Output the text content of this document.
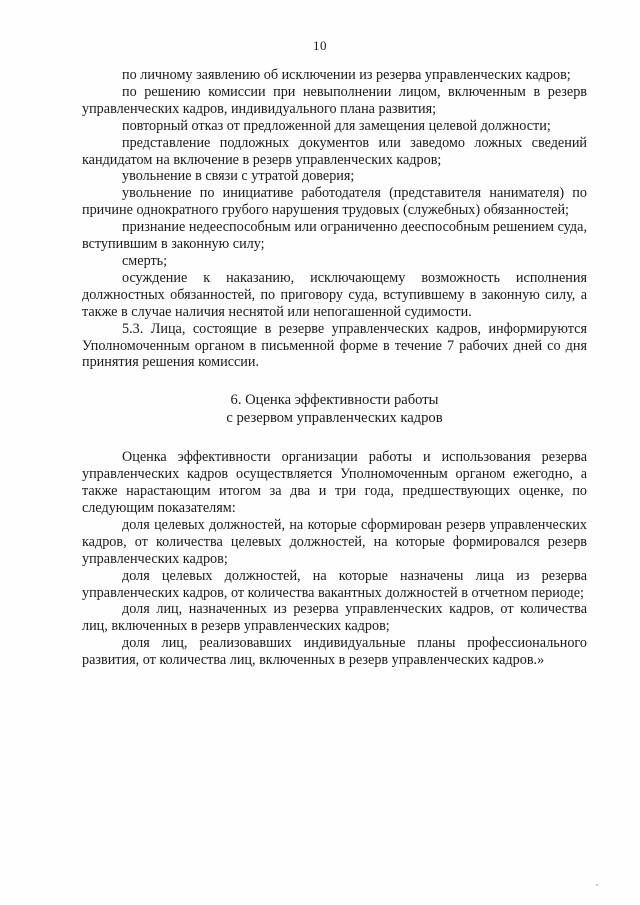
10

по личному заявлению об исключении из резерва управленческих кадров;

по решению комиссии при невыполнении лицом, включенным в резерв управленческих кадров, индивидуального плана развития;

повторный отказ от предложенной для замещения целевой должности;

представление подложных документов или заведомо ложных сведений кандидатом на включение в резерв управленческих кадров;

увольнение в связи с утратой доверия;

увольнение по инициативе работодателя (представителя нанимателя) по причине однократного грубого нарушения трудовых (служебных) обязанностей;

признание недееспособным или ограниченно дееспособным решением суда, вступившим в законную силу;

смерть;

осуждение к наказанию, исключающему возможность исполнения должностных обязанностей, по приговору суда, вступившему в законную силу, а также в случае наличия неснятой или непогашенной судимости.

5.3. Лица, состоящие в резерве управленческих кадров, информируются Уполномоченным органом в письменной форме в течение 7 рабочих дней со дня принятия решения комиссии.

6. Оценка эффективности работы
с резервом управленческих кадров

Оценка эффективности организации работы и использования резерва управленческих кадров осуществляется Уполномоченным органом ежегодно, а также нарастающим итогом за два и три года, предшествующих оценке, по следующим показателям:

доля целевых должностей, на которые сформирован резерв управленческих кадров, от количества целевых должностей, на которые формировался резерв управленческих кадров;

доля целевых должностей, на которые назначены лица из резерва управленческих кадров, от количества вакантных должностей в отчетном периоде;

доля лиц, назначенных из резерва управленческих кадров, от количества лиц, включенных в резерв управленческих кадров;

доля лиц, реализовавших индивидуальные планы профессионального развития, от количества лиц, включенных в резерв управленческих кадров.»
